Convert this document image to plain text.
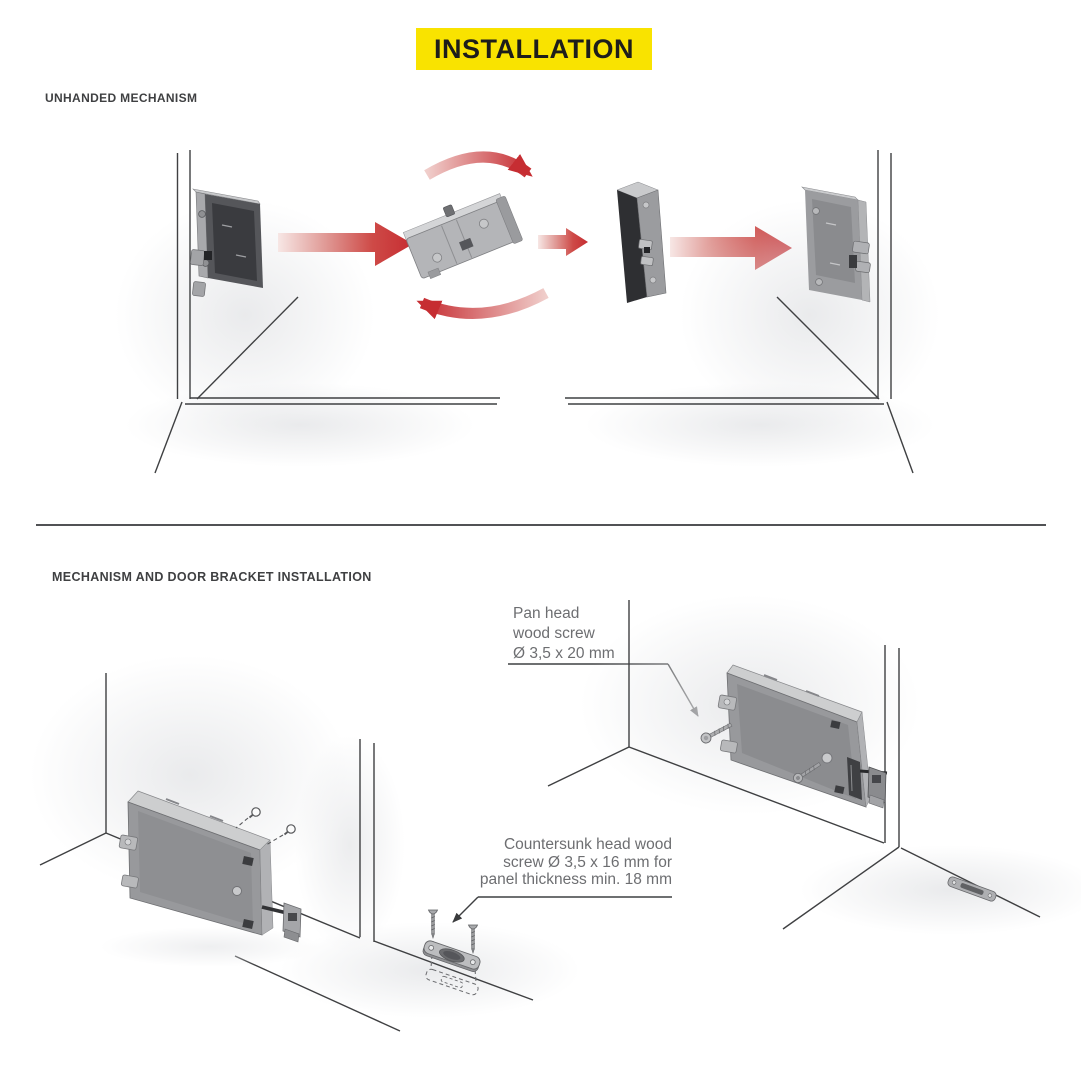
INSTALLATION
UNHANDED MECHANISM
MECHANISM AND DOOR BRACKET INSTALLATION
Pan head
wood screw
Ø 3,5 x 20 mm
Countersunk head wood
screw Ø 3,5 x 16 mm for
panel thickness min. 18 mm
